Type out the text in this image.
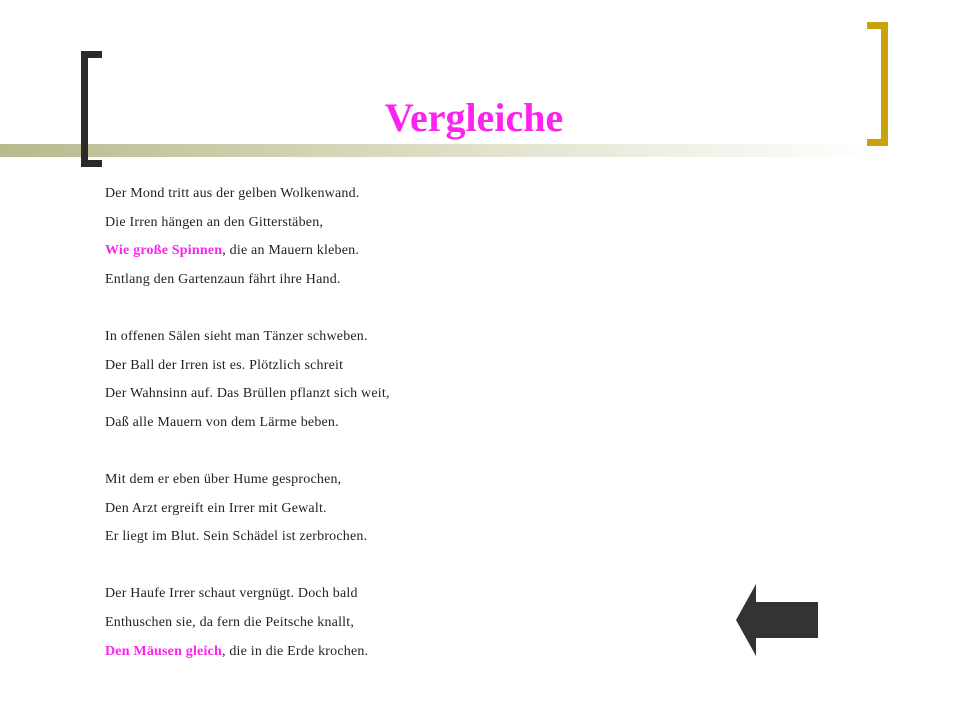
Vergleiche
Der Mond tritt aus der gelben Wolkenwand.
Die Irren hängen an den Gitterstäben,
Wie große Spinnen, die an Mauern kleben.
Entlang den Gartenzaun fährt ihre Hand.
In offenen Sälen sieht man Tänzer schweben.
Der Ball der Irren ist es. Plötzlich schreit
Der Wahnsinn auf. Das Brüllen pflanzt sich weit,
Daß alle Mauern von dem Lärme beben.
Mit dem er eben über Hume gesprochen,
Den Arzt ergreift ein Irrer mit Gewalt.
Er liegt im Blut. Sein Schädel ist zerbrochen.
Der Haufe Irrer schaut vergnügt. Doch bald
Enthuschen sie, da fern die Peitsche knallt,
Den Mäusen gleich, die in die Erde krochen.
